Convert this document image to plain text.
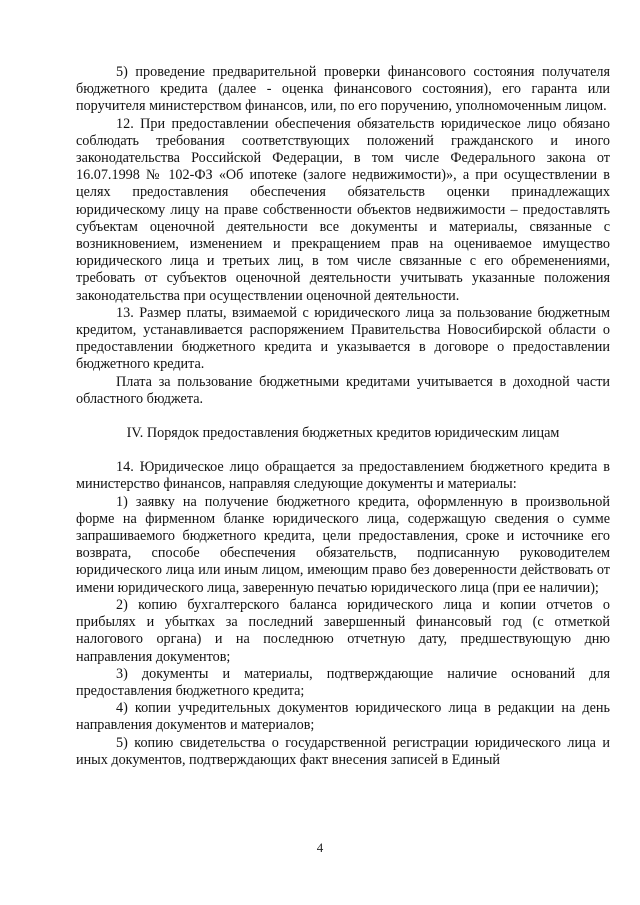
5) проведение предварительной проверки финансового состояния получателя бюджетного кредита (далее - оценка финансового состояния), его гаранта или поручителя министерством финансов, или, по его поручению, уполномоченным лицом.

12. При предоставлении обеспечения обязательств юридическое лицо обязано соблюдать требования соответствующих положений гражданского и иного законодательства Российской Федерации, в том числе Федерального закона от 16.07.1998 № 102-ФЗ «Об ипотеке (залоге недвижимости)», а при осуществлении в целях предоставления обеспечения обязательств оценки принадлежащих юридическому лицу на праве собственности объектов недвижимости – предоставлять субъектам оценочной деятельности все документы и материалы, связанные с возникновением, изменением и прекращением прав на оцениваемое имущество юридического лица и третьих лиц, в том числе связанные с его обременениями, требовать от субъектов оценочной деятельности учитывать указанные положения законодательства при осуществлении оценочной деятельности.

13. Размер платы, взимаемой с юридического лица за пользование бюджетным кредитом, устанавливается распоряжением Правительства Новосибирской области о предоставлении бюджетного кредита и указывается в договоре о предоставлении бюджетного кредита.

Плата за пользование бюджетными кредитами учитывается в доходной части областного бюджета.

IV. Порядок предоставления бюджетных кредитов юридическим лицам

14. Юридическое лицо обращается за предоставлением бюджетного кредита в министерство финансов, направляя следующие документы и материалы:

1) заявку на получение бюджетного кредита, оформленную в произвольной форме на фирменном бланке юридического лица, содержащую сведения о сумме запрашиваемого бюджетного кредита, цели предоставления, сроке и источнике его возврата, способе обеспечения обязательств, подписанную руководителем юридического лица или иным лицом, имеющим право без доверенности действовать от имени юридического лица, заверенную печатью юридического лица (при ее наличии);

2) копию бухгалтерского баланса юридического лица и копии отчетов о прибылях и убытках за последний завершенный финансовый год (с отметкой налогового органа) и на последнюю отчетную дату, предшествующую дню направления документов;

3) документы и материалы, подтверждающие наличие оснований для предоставления бюджетного кредита;

4) копии учредительных документов юридического лица в редакции на день направления документов и материалов;

5) копию свидетельства о государственной регистрации юридического лица и иных документов, подтверждающих факт внесения записей в Единый

4
